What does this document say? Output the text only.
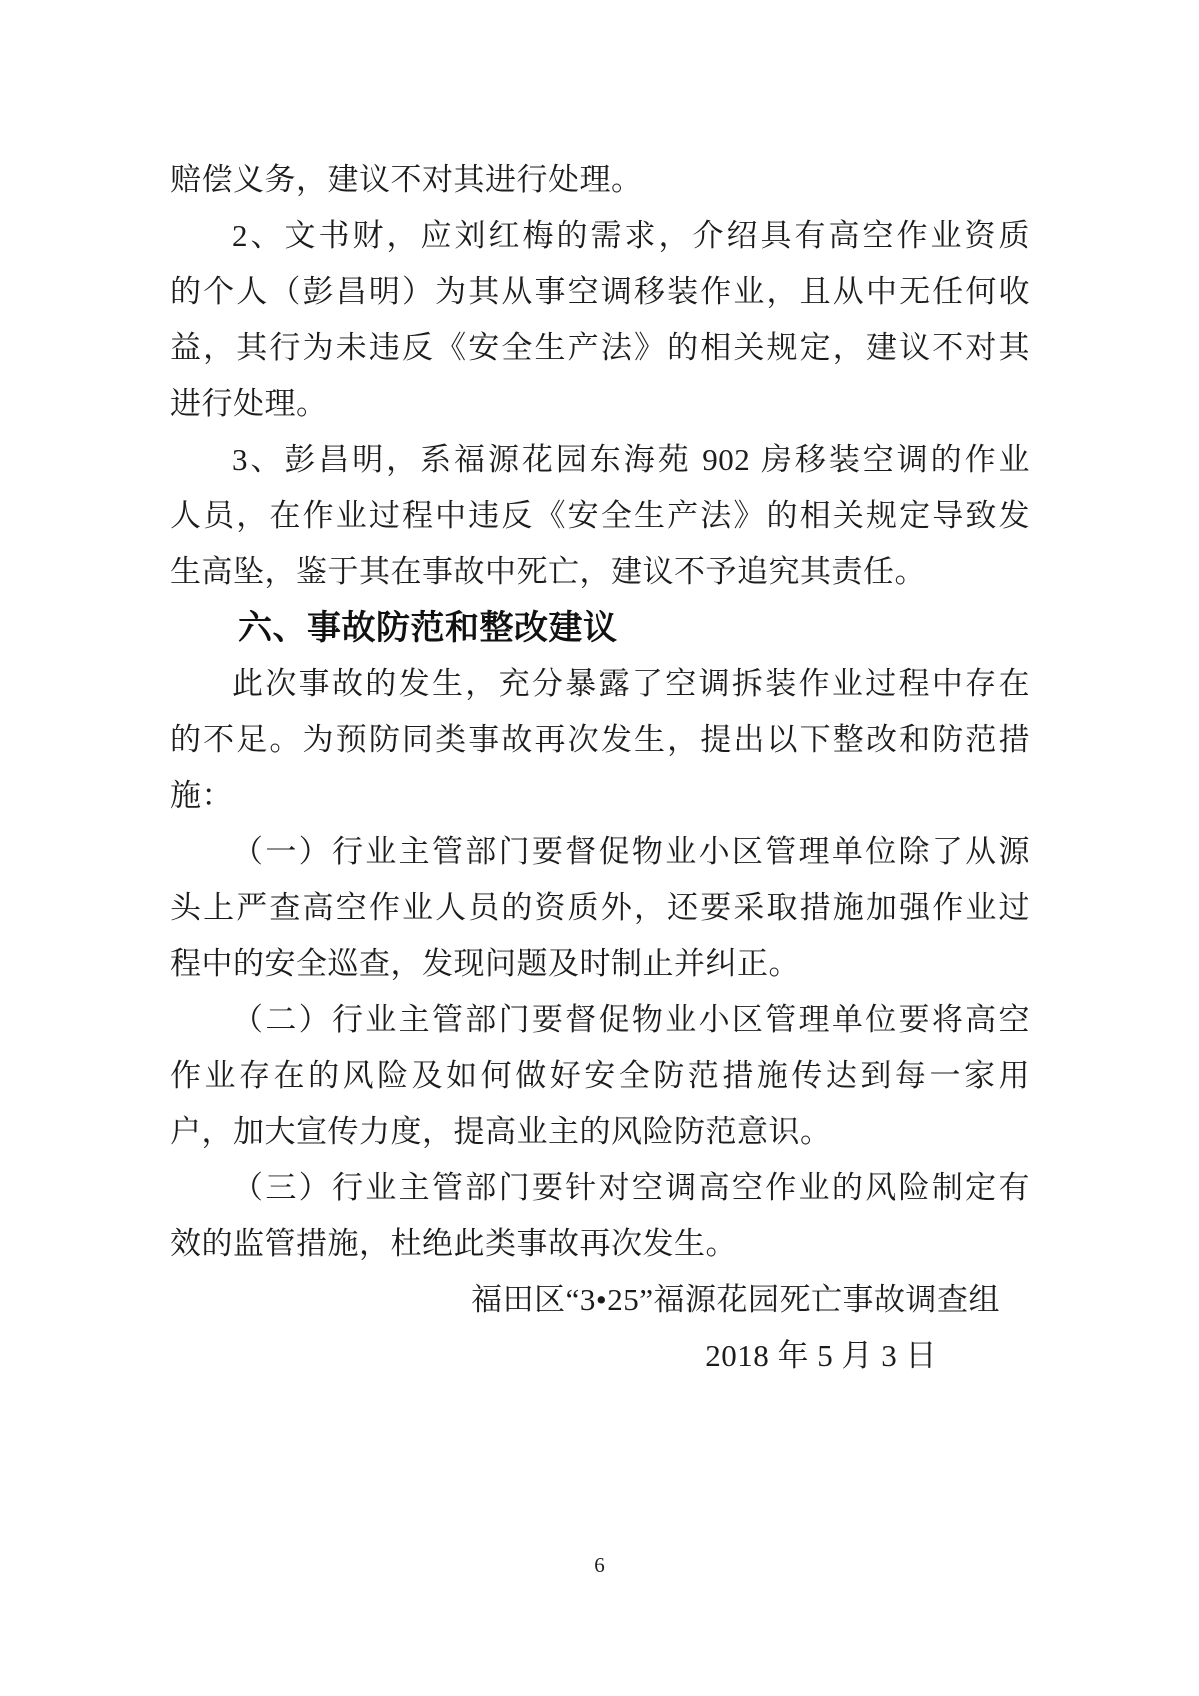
赔偿义务，建议不对其进行处理。
2、文书财，应刘红梅的需求，介绍具有高空作业资质
的个人（彭昌明）为其从事空调移装作业，且从中无任何收
益，其行为未违反《安全生产法》的相关规定，建议不对其
进行处理。
3、彭昌明，系福源花园东海苑 902 房移装空调的作业
人员，在作业过程中违反《安全生产法》的相关规定导致发
生高坠，鉴于其在事故中死亡，建议不予追究其责任。
六、事故防范和整改建议
此次事故的发生，充分暴露了空调拆装作业过程中存在
的不足。为预防同类事故再次发生，提出以下整改和防范措
施：
（一）行业主管部门要督促物业小区管理单位除了从源
头上严查高空作业人员的资质外，还要采取措施加强作业过
程中的安全巡查，发现问题及时制止并纠正。
（二）行业主管部门要督促物业小区管理单位要将高空
作业存在的风险及如何做好安全防范措施传达到每一家用
户，加大宣传力度，提高业主的风险防范意识。
（三）行业主管部门要针对空调高空作业的风险制定有
效的监管措施，杜绝此类事故再次发生。
福田区“3•25”福源花园死亡事故调查组
2018 年 5 月 3 日
6
